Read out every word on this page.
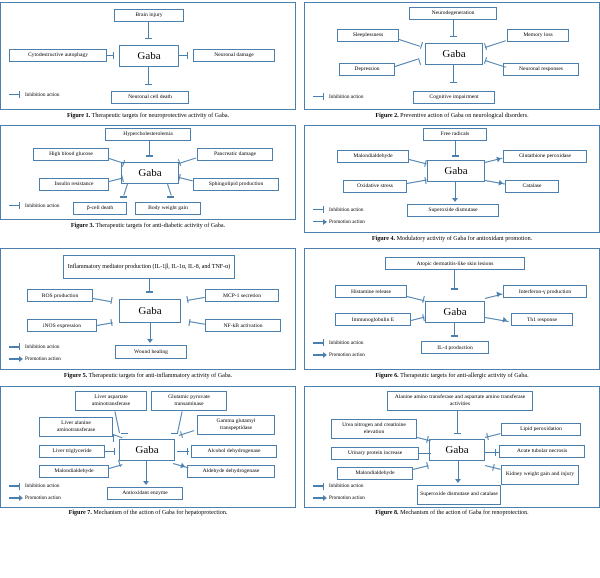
Gaba
Brain injury
Cytodestructive autophagy	Neuronal damage
Neuronal cell death
Inhibition action
Figure 1. Therapeutic targets for neuroprotective activity of Gaba.
Gaba
Neurodegeneration
Sleeplessness	Memory loss
Depression	Neuronal responses
Cognitive impairment
Inhibition action
Figure 2. Preventive action of Gaba on neurological disorders.
Gaba
Hypercholesterolemia
High blood glucose	Pancreatic damage
Insulin resistance	Sphingolipid production
β-cell death	Body weight gain
Inhibition action
Figure 3. Therapeutic targets for anti-diabetic activity of Gaba.
Gaba
Free radicals
Malondialdehyde	Glutathione peroxidase
Oxidative stress	Catalase
Superoxide dismutase
Inhibition action
Promotion action
Figure 4. Modulatory activity of Gaba for antioxidant promotion.
Gaba
Inflammatory mediator production (IL-1β, IL-1α, IL-8, and TNF-α)
ROS production	MCP-1 secretion
iNOS expression	NF-kB activation
Wound healing
Inhibition action
Promotion action
Figure 5. Therapeutic targets for anti-inflammatory activity of Gaba.
Gaba
Atopic dermatitis-like skin lesions
Histamine release	Interferon-γ production
Immunoglobulin E	Th1 response
IL-4 production
Inhibition action
Promotion action
Figure 6. Therapeutic targets for anti-allergic activity of Gaba.
Gaba
Liver aspartate aminotransferase
Glutamic pyruvate transaminase
Liver alanine aminotransferase
Gamma glutamyl transpeptidase
Liver triglyceride	Alcohol dehydrogenase
Malondialdehyde	Aldehyde dehydrogenase
Antioxidant enzyme
Inhibition action
Promotion action
Figure 7. Mechanism of the action of Gaba for hepatoprotection.
Gaba
Alanine amino transferase and aspartate amino transferase activities
Urea nitrogen and creatinine elevation	Lipid peroxidation
Urinary protein increase	Acute tubular necrosis
Malondialdehyde	Kidney weight gain and injury
Superoxide dismutase and catalase
Inhibition action
Promotion action
Figure 8. Mechanism of the action of Gaba for renoprotection.
